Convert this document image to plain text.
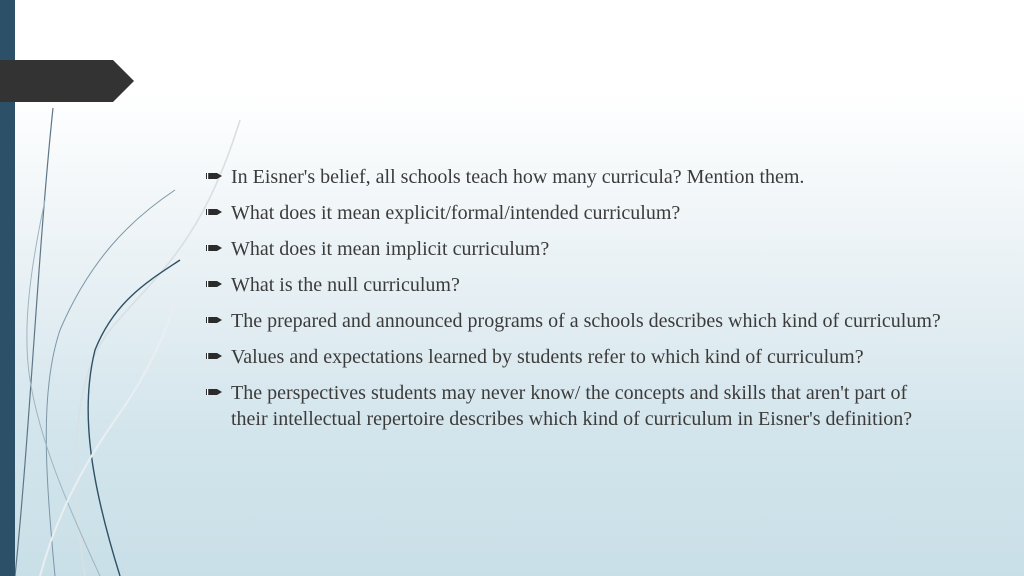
In Eisner's belief, all schools teach how many curricula? Mention them.
What does it mean explicit/formal/intended curriculum?
What does it mean implicit curriculum?
What is the null curriculum?
The prepared and announced programs of a schools describes which kind of curriculum?
Values and expectations learned by students refer to which kind of curriculum?
The perspectives students may never know/ the concepts and skills that aren't part of their intellectual repertoire describes which kind of curriculum in Eisner's definition?
